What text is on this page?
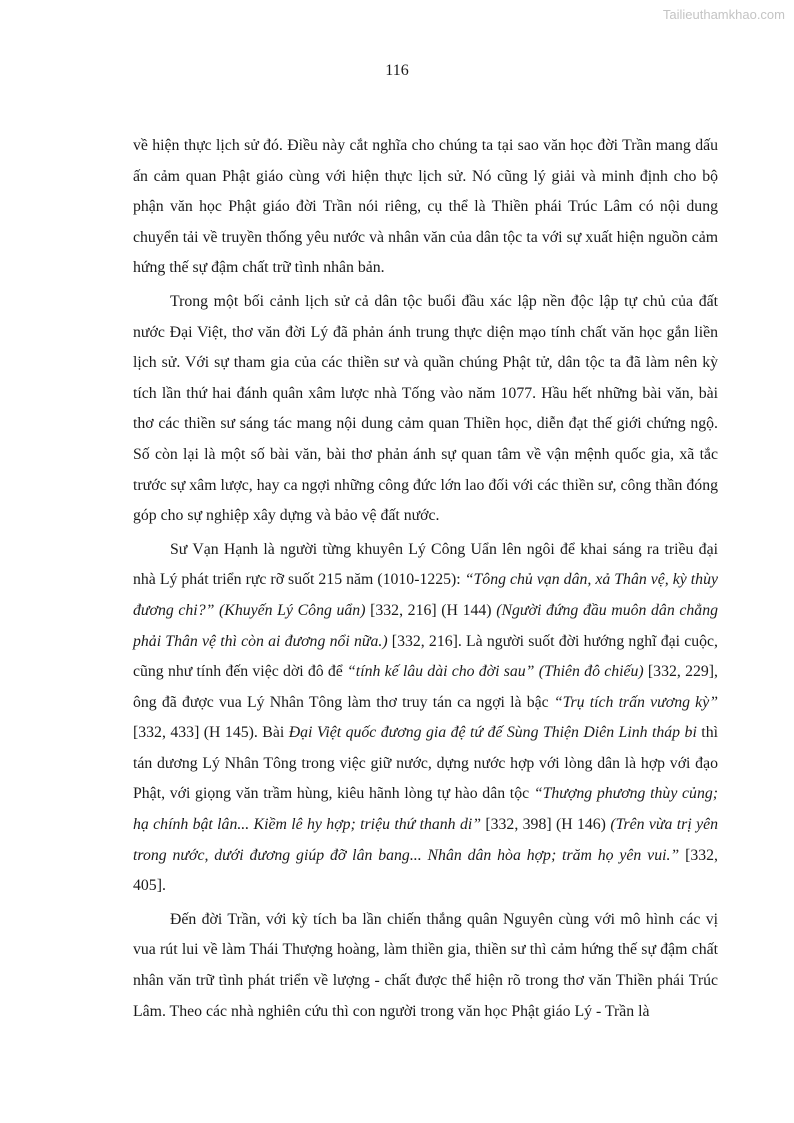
Tailieuthamkhao.com
116

về hiện thực lịch sử đó. Điều này cắt nghĩa cho chúng ta tại sao văn học đời Trần mang dấu ấn cảm quan Phật giáo cùng với hiện thực lịch sử. Nó cũng lý giải và minh định cho bộ phận văn học Phật giáo đời Trần nói riêng, cụ thể là Thiền phái Trúc Lâm có nội dung chuyển tải về truyền thống yêu nước và nhân văn của dân tộc ta với sự xuất hiện nguồn cảm hứng thế sự đậm chất trữ tình nhân bản.

Trong một bối cảnh lịch sử cả dân tộc buổi đầu xác lập nền độc lập tự chủ của đất nước Đại Việt, thơ văn đời Lý đã phản ánh trung thực diện mạo tính chất văn học gắn liền lịch sử. Với sự tham gia của các thiền sư và quần chúng Phật tử, dân tộc ta đã làm nên kỳ tích lần thứ hai đánh quân xâm lược nhà Tống vào năm 1077. Hầu hết những bài văn, bài thơ các thiền sư sáng tác mang nội dung cảm quan Thiền học, diễn đạt thế giới chứng ngộ. Số còn lại là một số bài văn, bài thơ phản ánh sự quan tâm về vận mệnh quốc gia, xã tắc trước sự xâm lược, hay ca ngợi những công đức lớn lao đối với các thiền sư, công thần đóng góp cho sự nghiệp xây dựng và bảo vệ đất nước.

Sư Vạn Hạnh là người từng khuyên Lý Công Uẩn lên ngôi để khai sáng ra triều đại nhà Lý phát triển rực rỡ suốt 215 năm (1010-1225): “Tông chủ vạn dân, xả Thân vệ, kỳ thùy đương chi?” (Khuyến Lý Công uẩn) [332, 216] (H 144) (Người đứng đầu muôn dân chẳng phải Thân vệ thì còn ai đương nổi nữa.) [332, 216]. Là người suốt đời hướng nghĩ đại cuộc, cũng như tính đến việc dời đô để “tính kế lâu dài cho đời sau” (Thiên đô chiếu) [332, 229], ông đã được vua Lý Nhân Tông làm thơ truy tán ca ngợi là bậc “Trụ tích trấn vương kỳ” [332, 433] (H 145). Bài Đại Việt quốc đương gia đệ tứ đế Sùng Thiện Diên Linh tháp bi thì tán dương Lý Nhân Tông trong việc giữ nước, dựng nước hợp với lòng dân là hợp với đạo Phật, với giọng văn trầm hùng, kiêu hãnh lòng tự hào dân tộc “Thượng phương thùy củng; hạ chính bật lân... Kiềm lê hy hợp; triệu thứ thanh di” [332, 398] (H 146) (Trên vừa trị yên trong nước, dưới đương giúp đỡ lân bang... Nhân dân hòa hợp; trăm họ yên vui.” [332, 405].

Đến đời Trần, với kỳ tích ba lần chiến thắng quân Nguyên cùng với mô hình các vị vua rút lui về làm Thái Thượng hoàng, làm thiền gia, thiền sư thì cảm hứng thế sự đậm chất nhân văn trữ tình phát triển về lượng - chất được thể hiện rõ trong thơ văn Thiền phái Trúc Lâm. Theo các nhà nghiên cứu thì con người trong văn học Phật giáo Lý - Trần là
